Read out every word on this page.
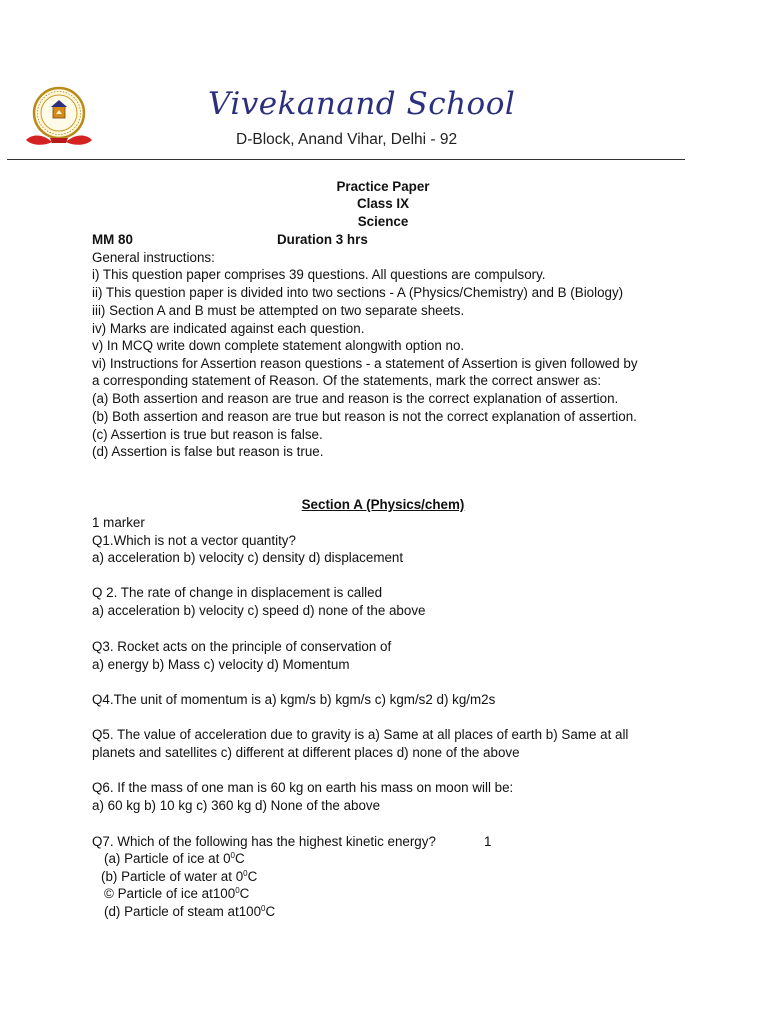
Vivekanand School
D-Block, Anand Vihar, Delhi - 92
Practice Paper
Class IX
Science
MM 80	Duration 3 hrs
General instructions:
i) This question paper comprises 39 questions. All questions are compulsory.
ii) This question paper is divided into two sections - A (Physics/Chemistry) and B (Biology)
iii) Section A and B must be attempted on two separate sheets.
iv) Marks are indicated against each question.
v) In MCQ write down complete statement alongwith option no.
vi) Instructions for Assertion reason questions - a statement of Assertion is given followed by
a corresponding statement of Reason. Of the statements, mark the correct answer as:
(a) Both assertion and reason are true and reason is the correct explanation of assertion.
(b) Both assertion and reason are true but reason is not the correct explanation of assertion.
(c) Assertion is true but reason is false.
(d) Assertion is false but reason is true.
Section A (Physics/chem)
1 marker
Q1.Which is not a vector quantity?
a) acceleration b) velocity c) density d) displacement
Q 2. The rate of change in displacement is called
a) acceleration b) velocity c) speed d) none of the above
Q3. Rocket acts on the principle of conservation of
a) energy b) Mass c) velocity d) Momentum
Q4.The unit of momentum is a) kgm/s b) kgm/s c) kgm/s2 d) kg/m2s
Q5. The value of acceleration due to gravity is a) Same at all places of earth b) Same at all
planets and satellites c) different at different places d) none of the above
Q6. If the mass of one man is 60 kg on earth his mass on moon will be:
a) 60 kg b) 10 kg c) 360 kg d) None of the above
Q7. Which of the following has the highest kinetic energy?	1
(a) Particle of ice at $0^0C$
(b) Particle of water at $0^0C$
© Particle of ice $at100^0C$
(d) Particle of steam $at100^0C$
